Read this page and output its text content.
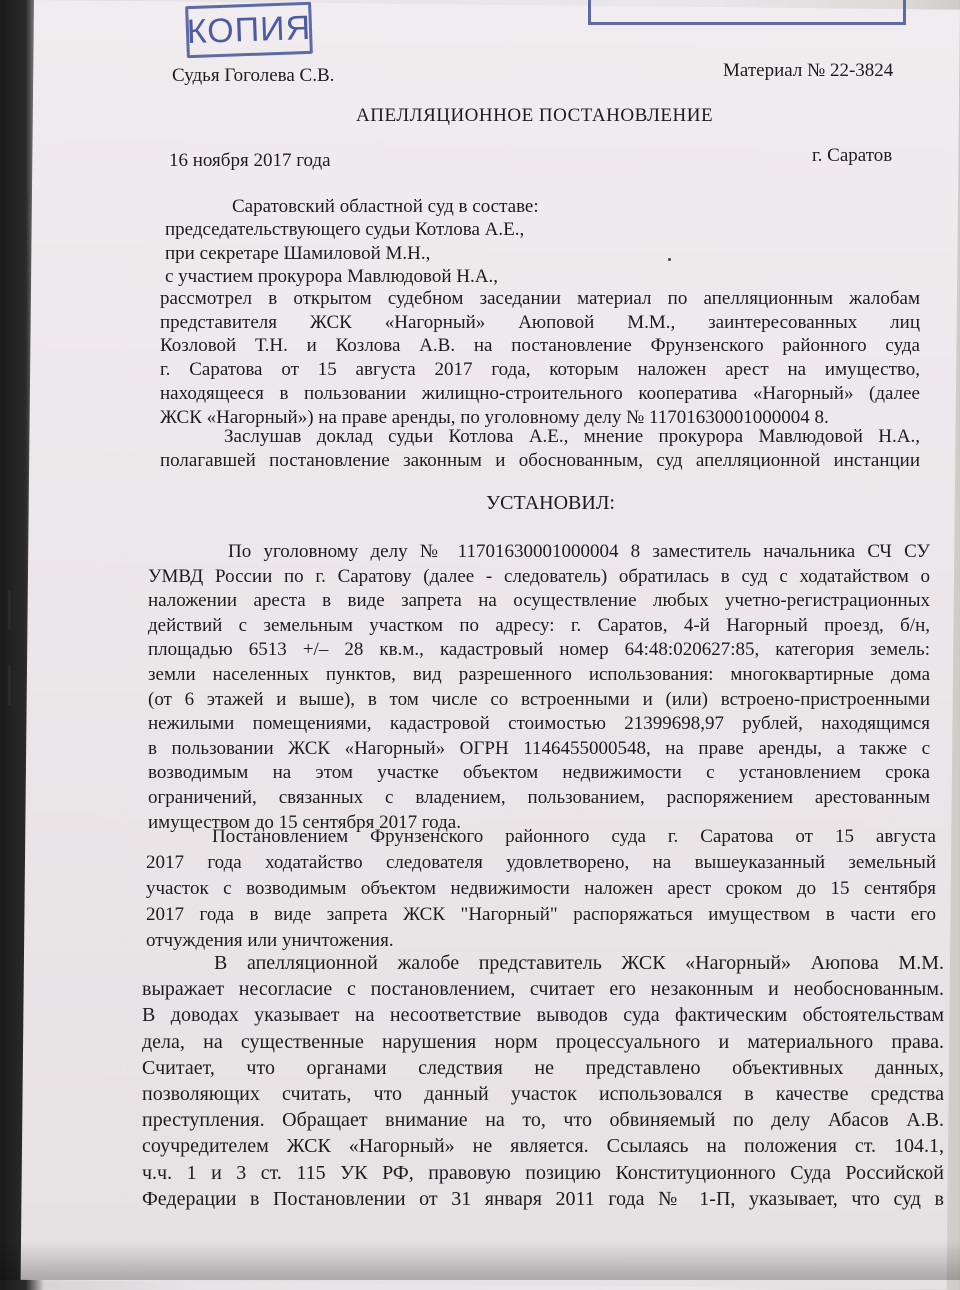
КОПИЯ
Судья Гоголева С.В.	Материал № 22-3824
АПЕЛЛЯЦИОННОЕ ПОСТАНОВЛЕНИЕ
16 ноября 2017 года	г. Саратов
Саратовский областной суд в составе:
председательствующего судьи Котлова А.Е.,
при секретаре Шамиловой М.Н.,
с участием прокурора Мавлюдовой Н.А.,

рассмотрел в открытом судебном заседании материал по апелляционным жалобам

представителя ЖСК «Нагорный» Аюповой М.М., заинтересованных лиц

Козловой Т.Н. и Козлова А.В. на постановление Фрунзенского районного суда

г. Саратова от 15 августа 2017 года, которым наложен арест на имущество,

находящееся в пользовании жилищно-строительного кооператива «Нагорный» (далее

ЖСК «Нагорный») на праве аренды, по уголовному делу № 11701630001000004 8.

Заслушав доклад судьи Котлова А.Е., мнение прокурора Мавлюдовой Н.А.,

полагавшей постановление законным и обоснованным, суд апелляционной инстанции

УСТАНОВИЛ:

По уголовному делу № 11701630001000004 8 заместитель начальника СЧ СУ

УМВД России по г. Саратову (далее - следователь) обратилась в суд с ходатайством о

наложении ареста в виде запрета на осуществление любых учетно-регистрационных

действий с земельным участком по адресу: г. Саратов, 4-й Нагорный проезд, б/н,

площадью 6513 +/– 28 кв.м., кадастровый номер 64:48:020627:85, категория земель:

земли населенных пунктов, вид разрешенного использования: многоквартирные дома

(от 6 этажей и выше), в том числе со встроенными и (или) встроено-пристроенными

нежилыми помещениями, кадастровой стоимостью 21399698,97 рублей, находящимся

в пользовании ЖСК «Нагорный» ОГРН 1146455000548, на праве аренды, а также с

возводимым на этом участке объектом недвижимости с установлением срока

ограничений, связанных с владением, пользованием, распоряжением арестованным

имуществом до 15 сентября 2017 года.

Постановлением Фрунзенского районного суда г. Саратова от 15 августа

2017 года ходатайство следователя удовлетворено, на вышеуказанный земельный

участок с возводимым объектом недвижимости наложен арест сроком до 15 сентября

2017 года в виде запрета ЖСК "Нагорный" распоряжаться имуществом в части его

отчуждения или уничтожения.

В апелляционной жалобе представитель ЖСК «Нагорный» Аюпова М.М.

выражает несогласие с постановлением, считает его незаконным и необоснованным.

В доводах указывает на несоответствие выводов суда фактическим обстоятельствам

дела, на существенные нарушения норм процессуального и материального права.

Считает, что органами следствия не представлено объективных данных,

позволяющих считать, что данный участок использовался в качестве средства

преступления. Обращает внимание на то, что обвиняемый по делу Абасов А.В.

соучредителем ЖСК «Нагорный» не является. Ссылаясь на положения ст. 104.1,

ч.ч. 1 и 3 ст. 115 УК РФ, правовую позицию Конституционного Суда Российской

Федерации в Постановлении от 31 января 2011 года № 1-П, указывает, что суд в
